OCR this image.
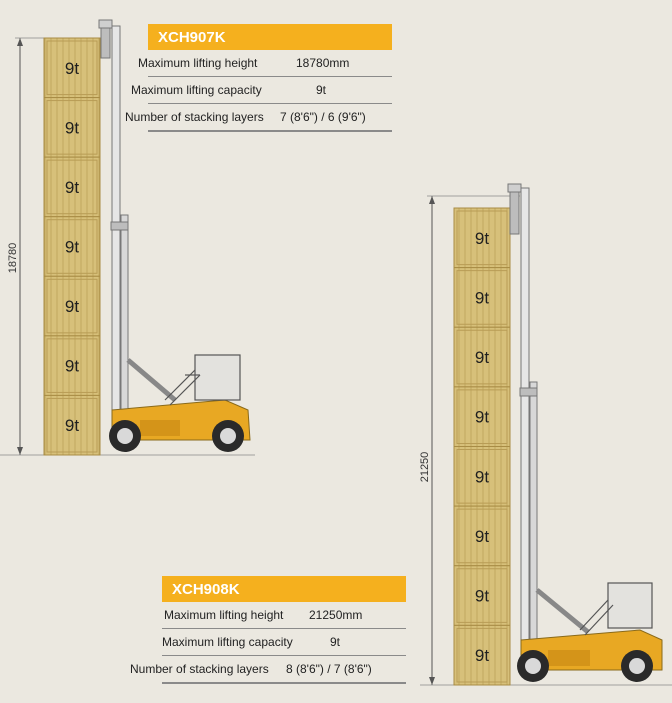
18780
9t
9t
9t
9t
9t
9t
9t
21250
9t
9t
9t
9t
9t
9t
9t
9t
XCH907K
Maximum lifting height	18780mm
Maximum lifting capacity	9t
Number of stacking layers 7 (8'6") / 6 (9'6")
XCH908K
Maximum lifting height 21250mm
Maximum lifting capacity	9t
Number of stacking layers 8 (8'6") / 7 (8'6")
